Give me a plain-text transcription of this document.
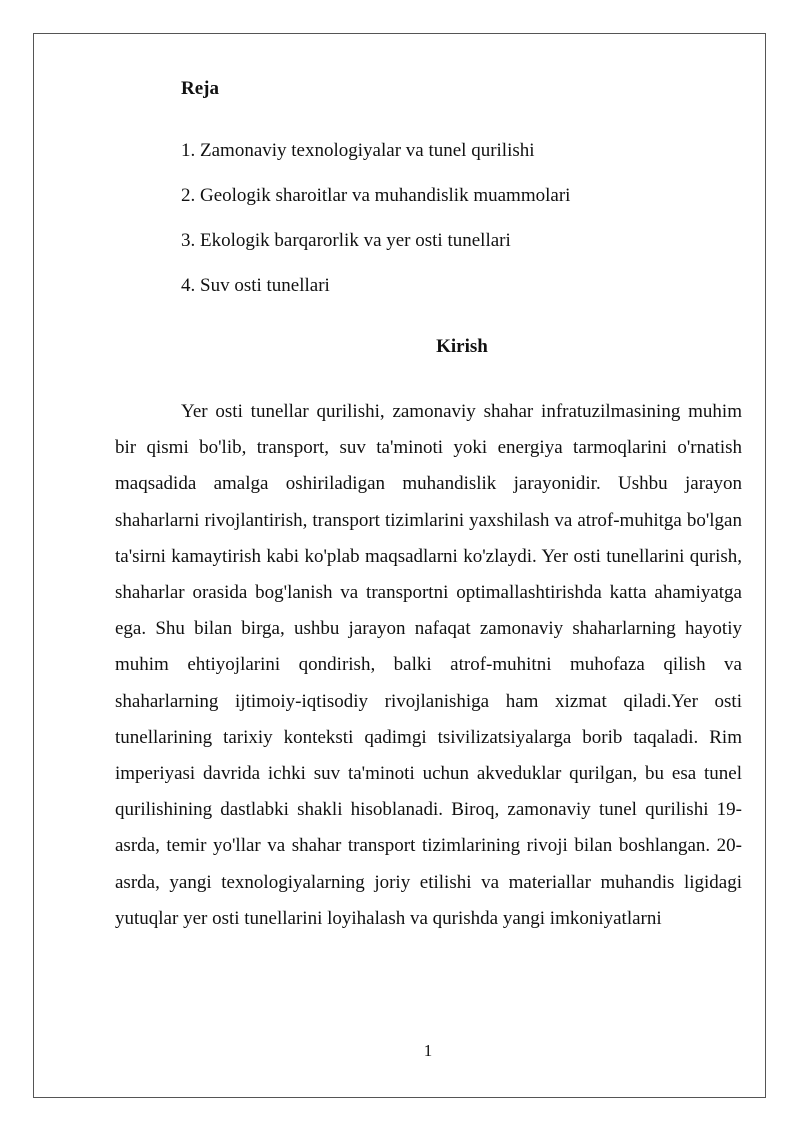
Reja
1. Zamonaviy texnologiyalar va tunel qurilishi
2. Geologik sharoitlar va muhandislik muammolari
3. Ekologik barqarorlik va yer osti tunellari
4. Suv osti tunellari
Kirish

Yer osti tunellar qurilishi, zamonaviy shahar infratuzilmasining muhim bir qismi bo'lib, transport, suv ta'minoti yoki energiya tarmoqlarini o'rnatish maqsadida amalga oshiriladigan muhandislik jarayonidir. Ushbu jarayon shaharlarni rivojlantirish, transport tizimlarini yaxshilash va atrof-muhitga bo'lgan ta'sirni kamaytirish kabi ko'plab maqsadlarni ko'zlaydi. Yer osti tunellarini qurish, shaharlar orasida bog'lanish va transportni optimallashtirishda katta ahamiyatga ega. Shu bilan birga, ushbu jarayon nafaqat zamonaviy shaharlarning hayotiy muhim ehtiyojlarini qondirish, balki atrof-muhitni muhofaza qilish va shaharlarning ijtimoiy-iqtisodiy rivojlanishiga ham xizmat qiladi.Yer osti tunellarining tarixiy konteksti qadimgi tsivilizatsiyalarga borib taqaladi. Rim imperiyasi davrida ichki suv ta'minoti uchun akveduklar qurilgan, bu esa tunel qurilishining dastlabki shakli hisoblanadi. Biroq, zamonaviy tunel qurilishi 19-asrda, temir yo'llar va shahar transport tizimlarining rivoji bilan boshlangan. 20-asrda, yangi texnologiyalarning joriy etilishi va materiallar muhandis ligidagi yutuqlar yer osti tunellarini loyihalash va qurishda yangi imkoniyatlarni

1
